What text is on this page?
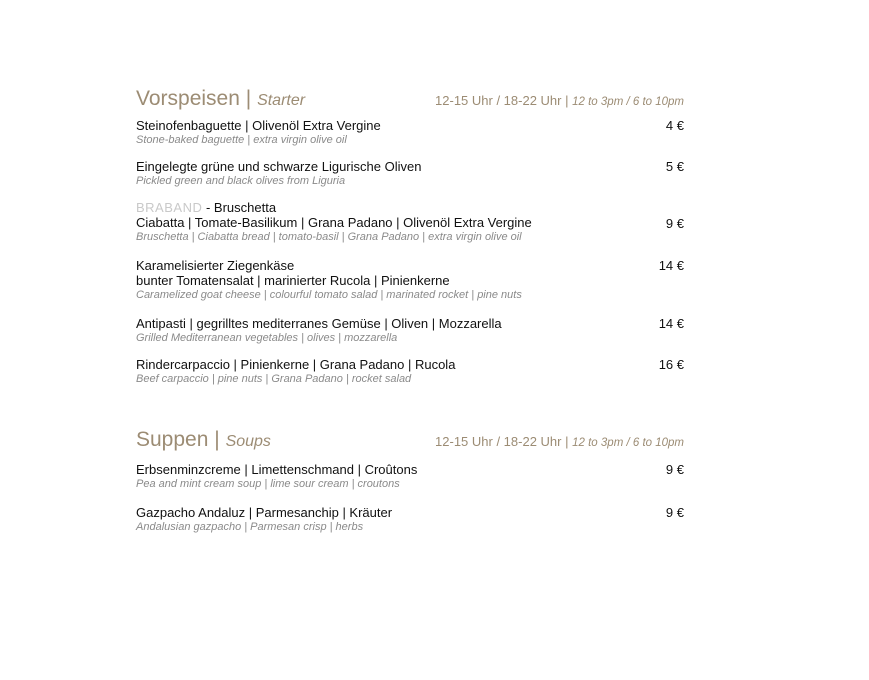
Vorspeisen | Starter	12-15 Uhr / 18-22 Uhr | 12 to 3pm / 6 to 10pm
Steinofenbaguette | Olivenöl Extra Vergine
Stone-baked baguette | extra virgin olive oil
4 €
Eingelegte grüne und schwarze Ligurische Oliven
Pickled green and black olives from Liguria
5 €
BRABAND - Bruschetta
Ciabatta | Tomate-Basilikum | Grana Padano | Olivenöl Extra Vergine
Bruschetta | Ciabatta bread | tomato-basil | Grana Padano | extra virgin olive oil
9 €
Karamelisierter Ziegenkäse
bunter Tomatensalat | marinierter Rucola | Pinienkerne
Caramelized goat cheese | colourful tomato salad | marinated rocket | pine nuts
14 €
Antipasti | gegrilltes mediterranes Gemüse | Oliven | Mozzarella
Grilled Mediterranean vegetables | olives | mozzarella
14 €
Rindercarpaccio | Pinienkerne | Grana Padano | Rucola
Beef carpaccio | pine nuts | Grana Padano | rocket salad
16 €
Suppen | Soups	12-15 Uhr / 18-22 Uhr | 12 to 3pm / 6 to 10pm
Erbsenminzcreme | Limettenschmand | Croûtons
Pea and mint cream soup | lime sour cream | croutons
9 €
Gazpacho Andaluz | Parmesanchip | Kräuter
Andalusian gazpacho | Parmesan crisp | herbs
9 €
